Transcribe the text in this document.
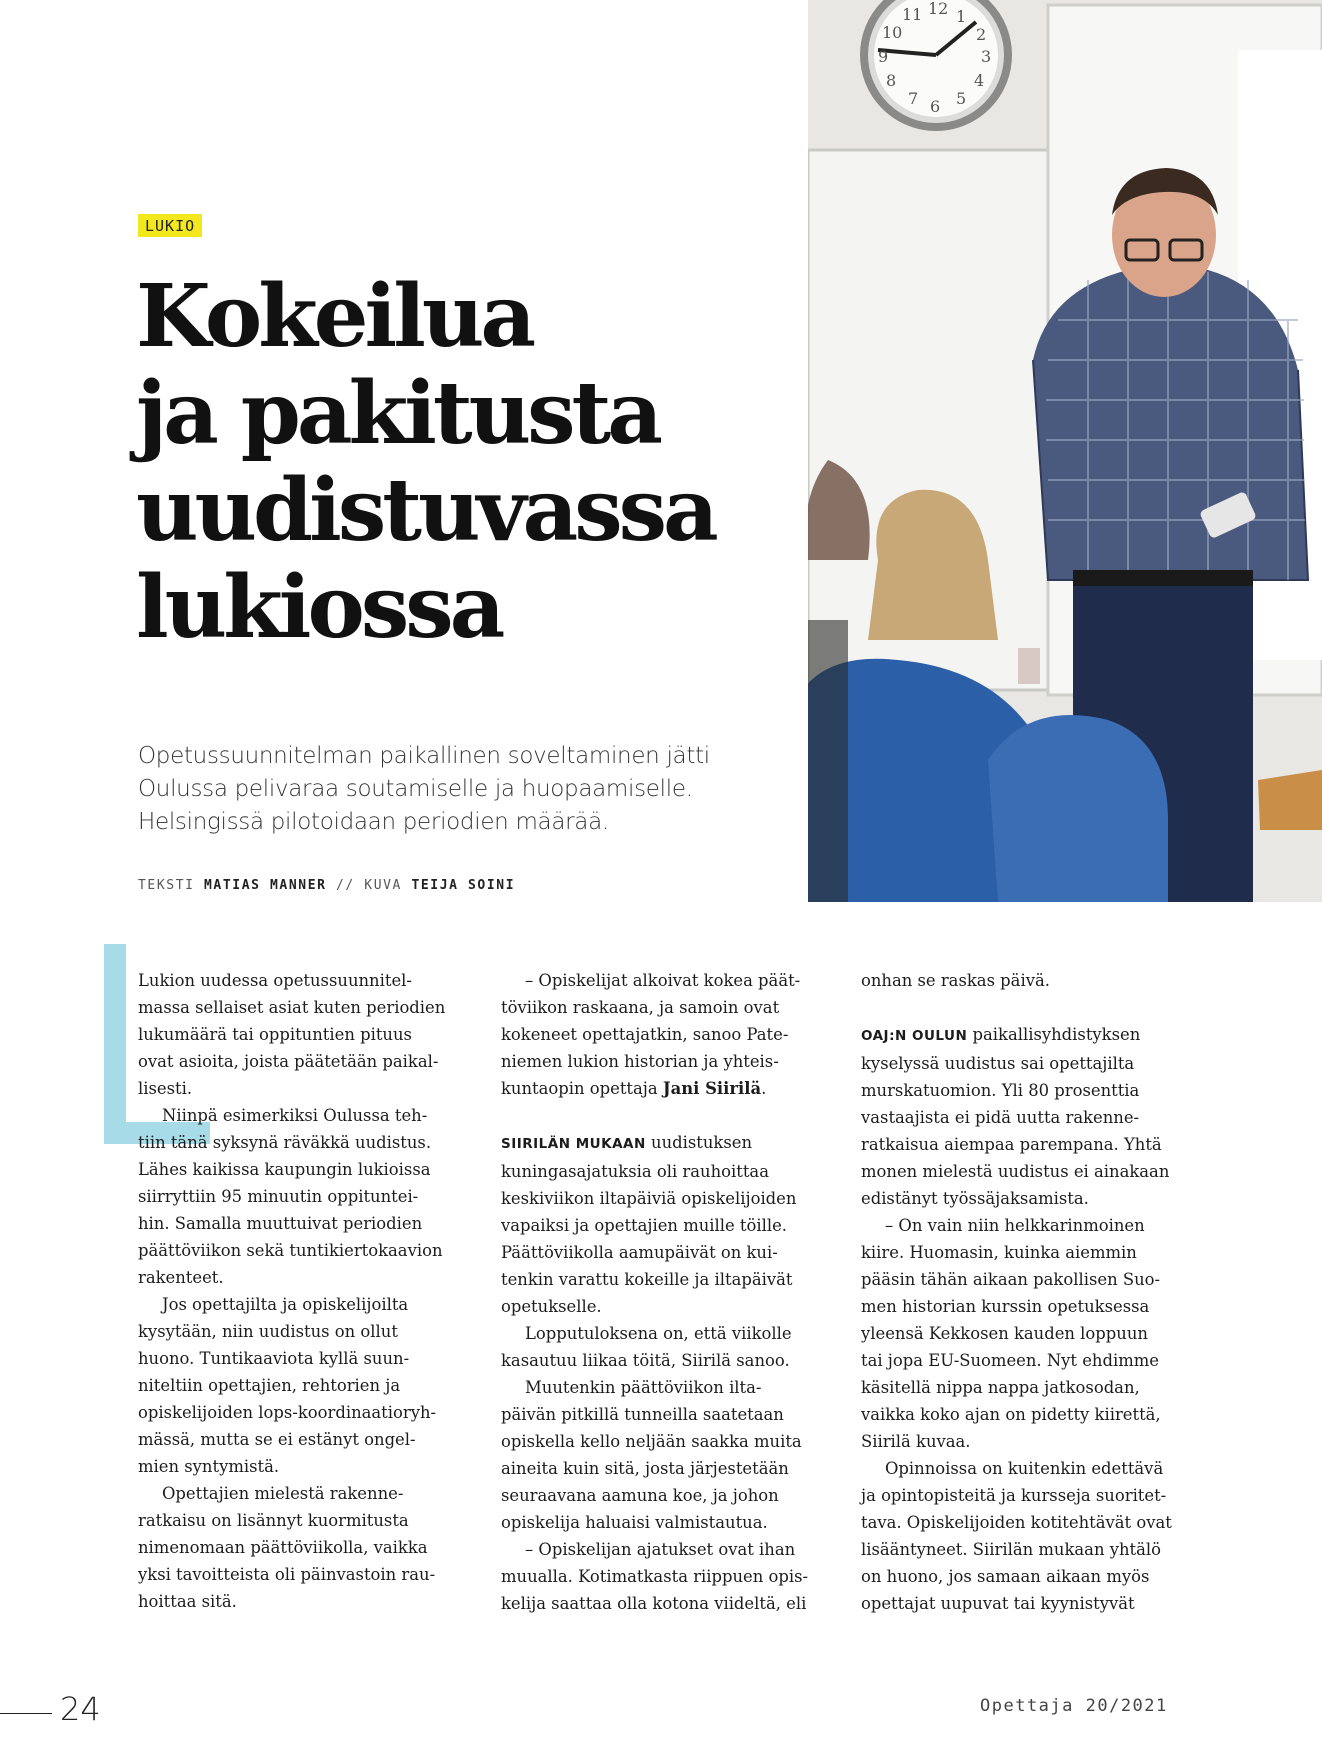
12 1
2
3
4
5
6
7
8
9
10
11
LUKIO
Kokeilua
ja pakitusta
uudistuvassa
lukiossa

Opetussuunnitelman paikallinen soveltaminen jätti
Oulussa pelivaraa soutamiselle ja huopaamiselle.
Helsingissä pilotoidaan periodien määrää.

TEKSTI MATIAS MANNER // KUVA TEIJA SOINI
Lukion uudessa opetussuunnitel-
massa sellaiset asiat kuten periodien
lukumäärä tai oppituntien pituus
ovat asioita, joista päätetään paikal-
lisesti.
Niinpä esimerkiksi Oulussa teh-
tiin tänä syksynä räväkkä uudistus.
Lähes kaikissa kaupungin lukioissa
siirryttiin 95 minuutin oppituntei-
hin. Samalla muuttuivat periodien
päättöviikon sekä tuntikiertokaavion
rakenteet.
Jos opettajilta ja opiskelijoilta
kysytään, niin uudistus on ollut
huono. Tuntikaaviota kyllä suun-
niteltiin opettajien, rehtorien ja
opiskelijoiden lops-koordinaatioryh-
mässä, mutta se ei estänyt ongel-
mien syntymistä.
Opettajien mielestä rakenne-
ratkaisu on lisännyt kuormitusta
nimenomaan päättöviikolla, vaikka
yksi tavoitteista oli päinvastoin rau-
hoittaa sitä.
– Opiskelijat alkoivat kokea päät-
töviikon raskaana, ja samoin ovat
kokeneet opettajatkin, sanoo Pate-
niemen lukion historian ja yhteis-
kuntaopin opettaja Jani Siirilä.
SIIRILÄN MUKAAN uudistuksen
kuningasajatuksia oli rauhoittaa
keskiviikon iltapäiviä opiskelijoiden
vapaiksi ja opettajien muille töille.
Päättöviikolla aamupäivät on kui-
tenkin varattu kokeille ja iltapäivät
opetukselle.
Lopputuloksena on, että viikolle
kasautuu liikaa töitä, Siirilä sanoo.
Muutenkin päättöviikon ilta-
päivän pitkillä tunneilla saatetaan
opiskella kello neljään saakka muita
aineita kuin sitä, josta järjestetään
seuraavana aamuna koe, ja johon
opiskelija haluaisi valmistautua.
– Opiskelijan ajatukset ovat ihan
muualla. Kotimatkasta riippuen opis-
kelija saattaa olla kotona viideltä, eli
onhan se raskas päivä.
OAJ:N OULUN paikallisyhdistyksen
kyselyssä uudistus sai opettajilta
murskatuomion. Yli 80 prosenttia
vastaajista ei pidä uutta rakenne-
ratkaisua aiempaa parempana. Yhtä
monen mielestä uudistus ei ainakaan
edistänyt työssäjaksamista.
– On vain niin helkkarinmoinen
kiire. Huomasin, kuinka aiemmin
pääsin tähän aikaan pakollisen Suo-
men historian kurssin opetuksessa
yleensä Kekkosen kauden loppuun
tai jopa EU-Suomeen. Nyt ehdimme
käsitellä nippa nappa jatkosodan,
vaikka koko ajan on pidetty kiirettä,
Siirilä kuvaa.
Opinnoissa on kuitenkin edettävä
ja opintopisteitä ja kursseja suoritet-
tava. Opiskelijoiden kotitehtävät ovat
lisääntyneet. Siirilän mukaan yhtälö
on huono, jos samaan aikaan myös
opettajat uupuvat tai kyynistyvät
24	Opettaja 20/2021
